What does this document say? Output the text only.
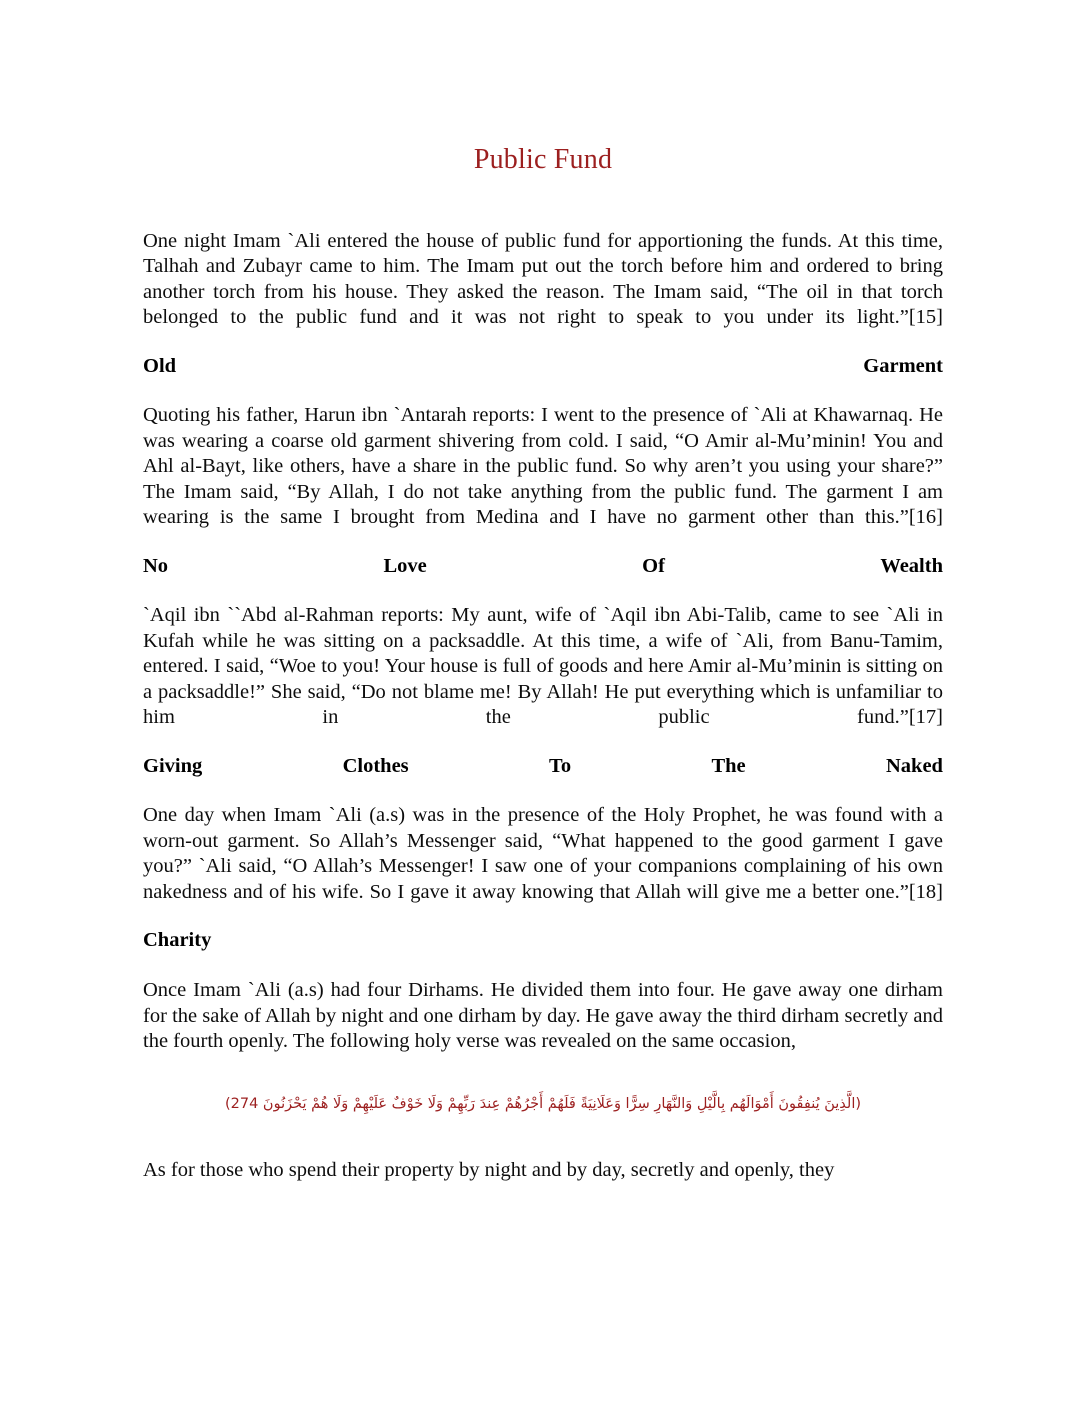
Public Fund

One night Imam `Ali entered the house of public fund for apportioning the funds. At this time, Talhah and Zubayr came to him. The Imam put out the torch before him and ordered to bring another torch from his house. They asked the reason. The Imam said, “The oil in that torch belonged to the public fund and it was not right to speak to you under its light.”[15]

Old	Garment

Quoting his father, Harun ibn `Antarah reports: I went to the presence of `Ali at Khawarnaq. He was wearing a coarse old garment shivering from cold. I said, “O Amir al-Mu’minin! You and Ahl al-Bayt, like others, have a share in the public fund. So why aren’t you using your share?” The Imam said, “By Allah, I do not take anything from the public fund. The garment I am wearing is the same I brought from Medina and I have no garment other than this.”[16]

No	Love	Of	Wealth

`Aqil ibn ``Abd al-Rahman reports: My aunt, wife of `Aqil ibn Abi-Talib, came to see `Ali in Kufah while he was sitting on a packsaddle. At this time, a wife of `Ali, from Banu-Tamim, entered. I said, “Woe to you! Your house is full of goods and here Amir al-Mu’minin is sitting on a packsaddle!” She said, “Do not blame me! By Allah! He put everything which is unfamiliar to him in the public fund.”[17]

Giving	Clothes	To	The	Naked

One day when Imam `Ali (a.s) was in the presence of the Holy Prophet, he was found with a worn-out garment. So Allah’s Messenger said, “What happened to the good garment I gave you?” `Ali said, “O Allah’s Messenger! I saw one of your companions complaining of his own nakedness and of his wife. So I gave it away knowing that Allah will give me a better one.”[18]

Charity

Once Imam `Ali (a.s) had four Dirhams. He divided them into four. He gave away one dirham for the sake of Allah by night and one dirham by day. He gave away the third dirham secretly and the fourth openly. The following holy verse was revealed on the same occasion,

(الَّذِينَ يُنفِقُونَ أَمْوَالَهُم بِالَّيْلِ وَالنَّهَارِ سِرًّا وَعَلَانِيَةً فَلَهُمْ أَجْرُهُمْ عِندَ رَبِّهِمْ وَلَا خَوْفٌ عَلَيْهِمْ وَلَا هُمْ يَحْزَنُونَ 274)

As for those who spend their property by night and by day, secretly and openly, they
